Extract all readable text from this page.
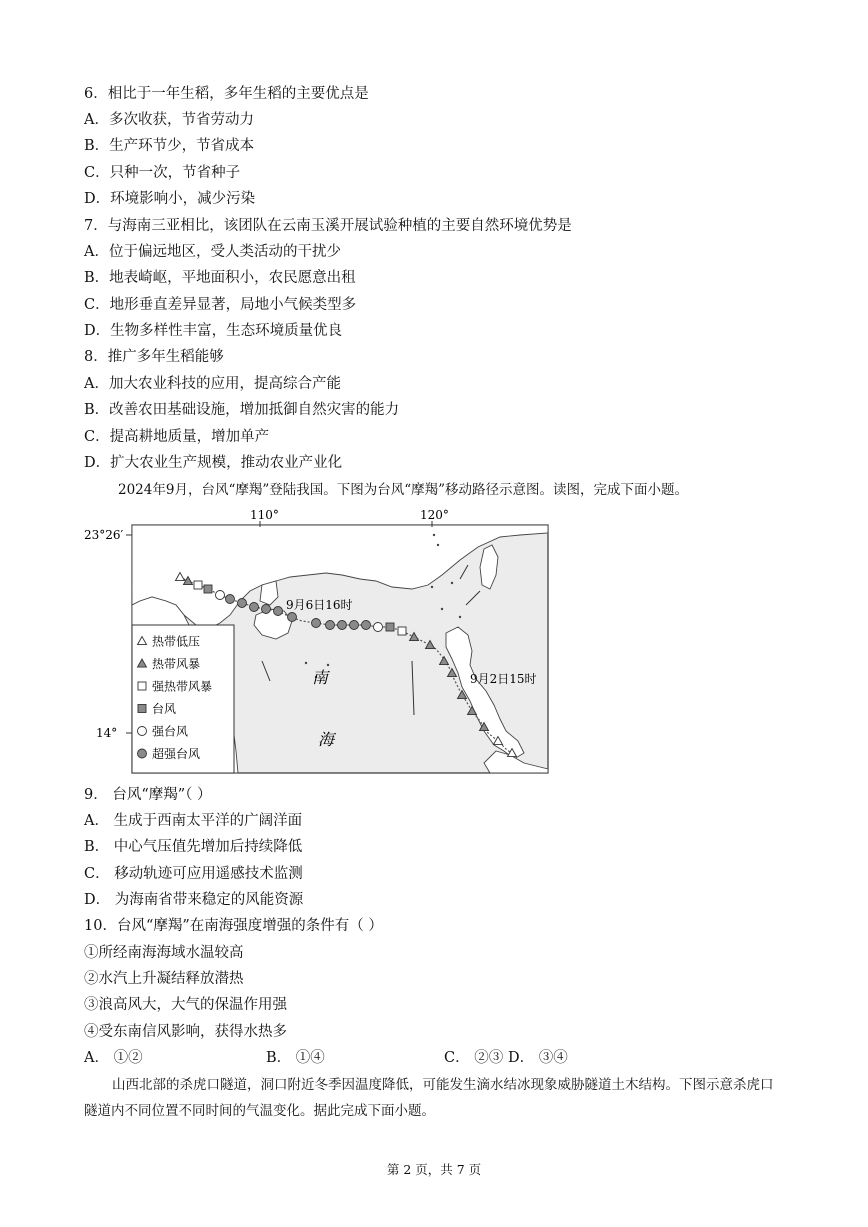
6．相比于一年生稻，多年生稻的主要优点是
A．多次收获，节省劳动力
B．生产环节少，节省成本
C．只种一次，节省种子
D．环境影响小，减少污染
7．与海南三亚相比，该团队在云南玉溪开展试验种植的主要自然环境优势是
A．位于偏远地区，受人类活动的干扰少
B．地表崎岖，平地面积小，农民愿意出租
C．地形垂直差异显著，局地小气候类型多
D．生物多样性丰富，生态环境质量优良
8．推广多年生稻能够
A．加大农业科技的应用，提高综合产能
B．改善农田基础设施，增加抵御自然灾害的能力
C．提高耕地质量，增加单产
D．扩大农业生产规模，推动农业产业化
2024年9月，台风“摩羯”登陆我国。下图为台风“摩羯”移动路径示意图。读图，完成下面小题。
110°	120°
23°26′
14°
9月6日16时
9月2日15时
南
海
热带低压
热带风暴
强热带风暴
台风
强台风
超强台风
9． 台风“摩羯”（ ）
A． 生成于西南太平洋的广阔洋面
B． 中心气压值先增加后持续降低
C． 移动轨迹可应用遥感技术监测
D． 为海南省带来稳定的风能资源
10．台风“摩羯”在南海强度增强的条件有（ ）
①所经南海海域水温较高
②水汽上升凝结释放潜热
③浪高风大，大气的保温作用强
④受东南信风影响，获得水热多
A． ①②	B． ①④	C． ②③ D． ③④
山西北部的杀虎口隧道，洞口附近冬季因温度降低，可能发生滴水结冰现象威胁隧道土木结构。下图示意杀虎口隧道内不同位置不同时间的气温变化。据此完成下面小题。
第 2 页，共 7 页
